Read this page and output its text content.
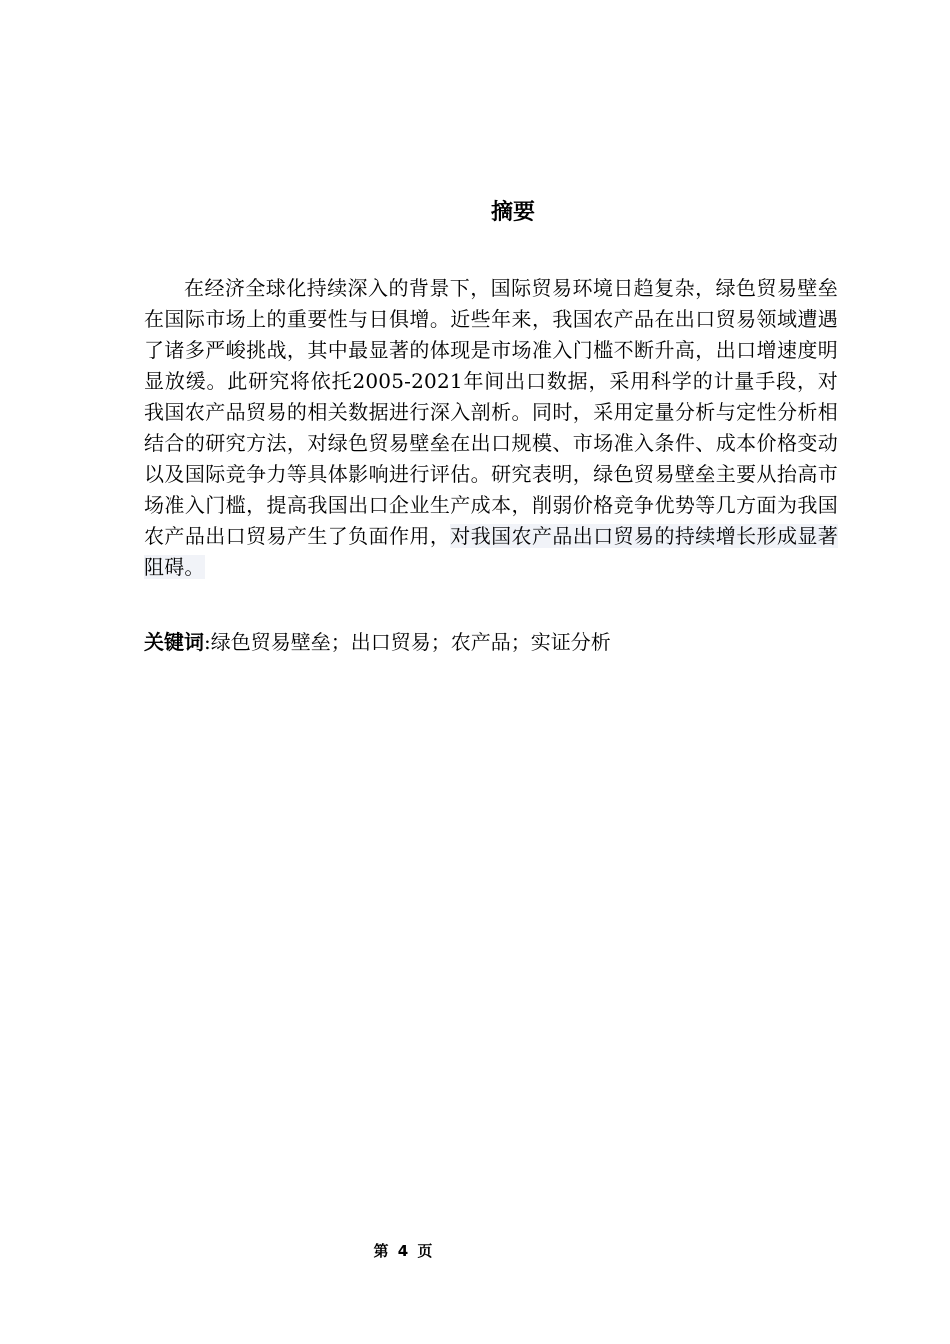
摘要

在经济全球化持续深入的背景下，国际贸易环境日趋复杂，绿色贸易壁垒在国际市场上的重要性与日俱增。近些年来，我国农产品在出口贸易领域遭遇了诸多严峻挑战，其中最显著的体现是市场准入门槛不断升高，出口增速度明显放缓。此研究将依托2005-2021年间出口数据，采用科学的计量手段，对我国农产品贸易的相关数据进行深入剖析。同时，采用定量分析与定性分析相结合的研究方法，对绿色贸易壁垒在出口规模、市场准入条件、成本价格变动以及国际竞争力等具体影响进行评估。研究表明，绿色贸易壁垒主要从抬高市场准入门槛，提高我国出口企业生产成本，削弱价格竞争优势等几方面为我国农产品出口贸易产生了负面作用，对我国农产品出口贸易的持续增长形成显著阻碍。

关键词:绿色贸易壁垒；出口贸易；农产品；实证分析

第 4 页
